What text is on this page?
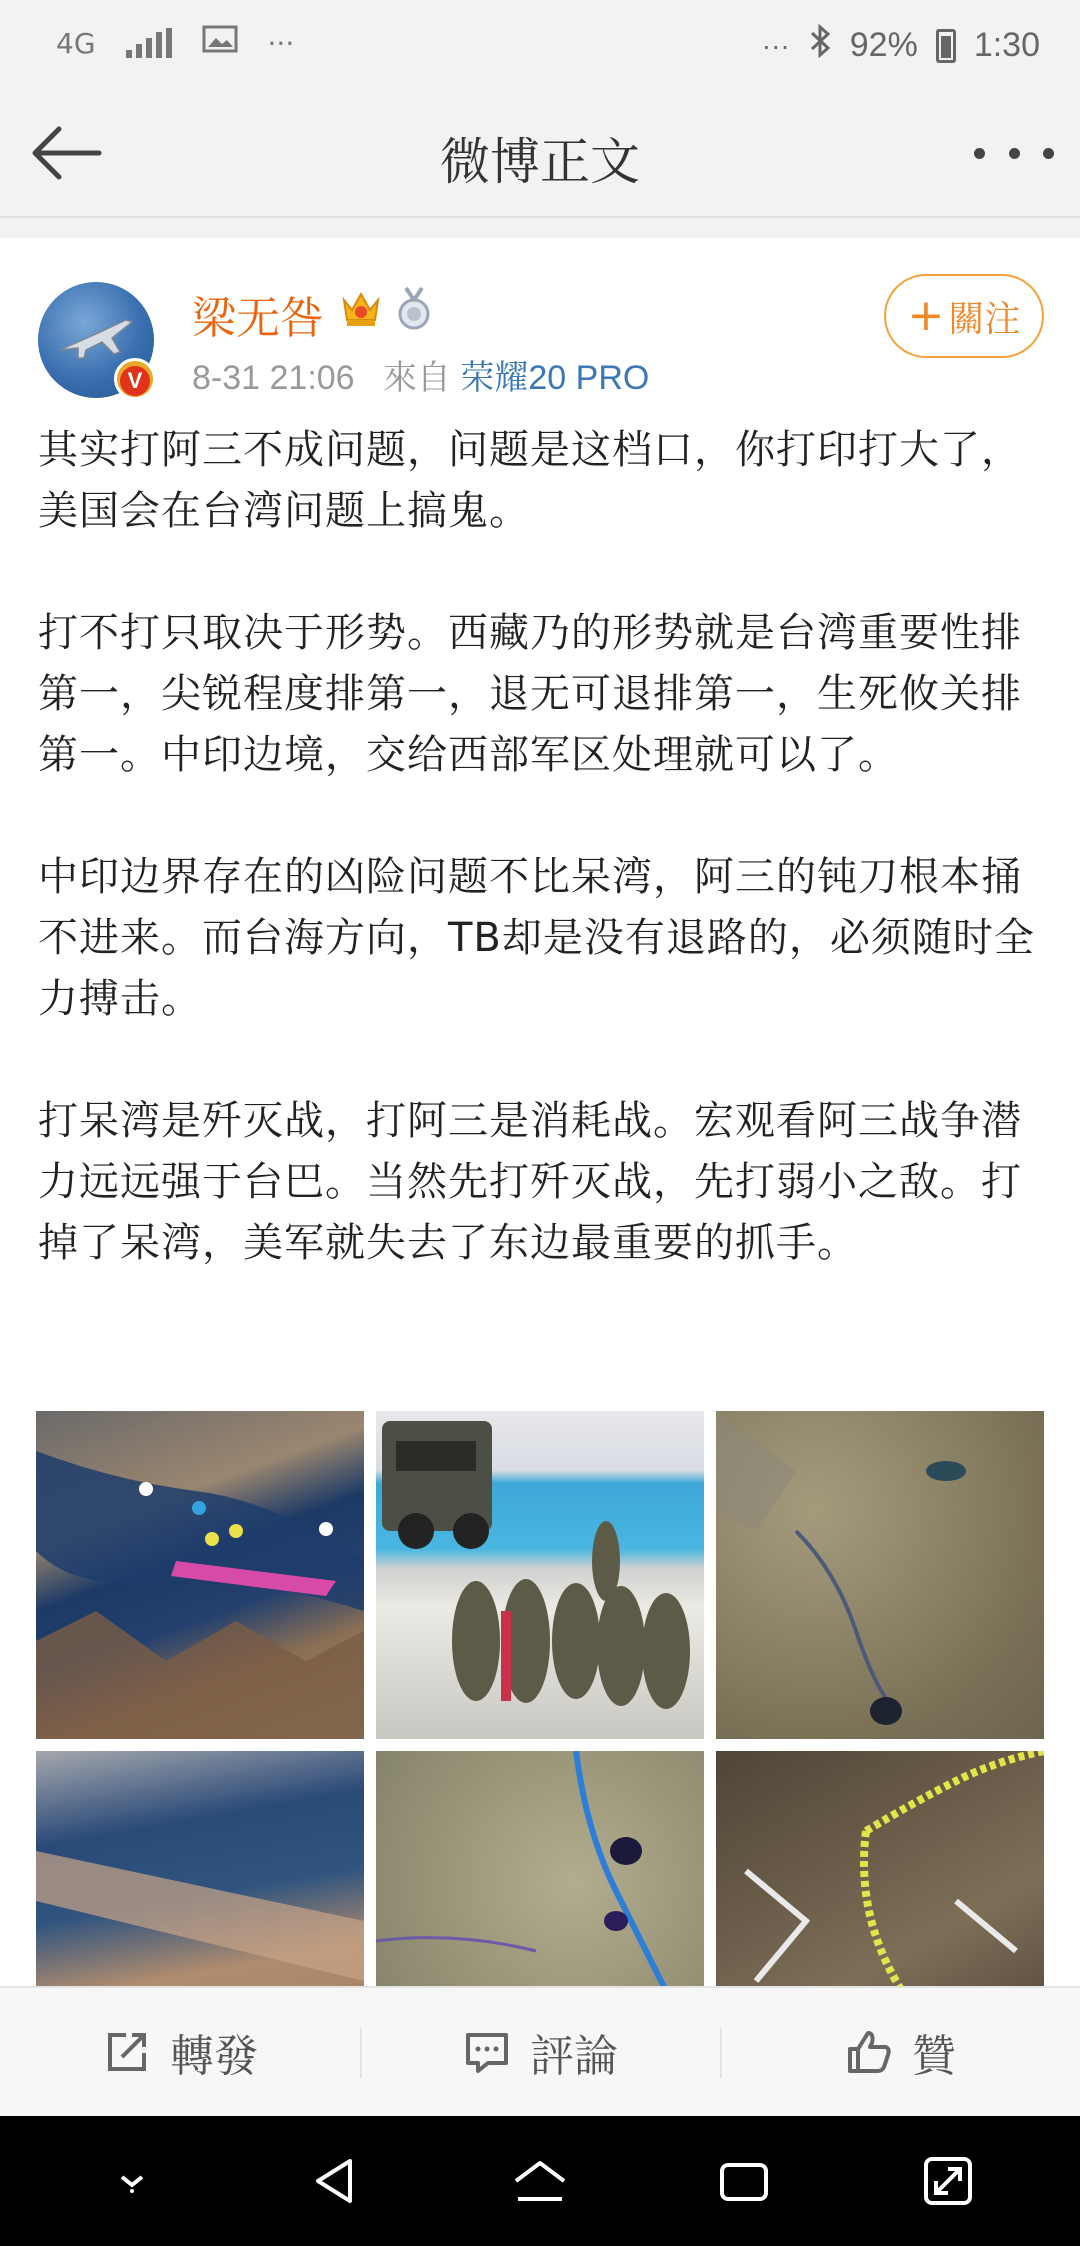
4G	···	··· 92% 1:30
微博正文
V
梁无咎
8-31 21:06 來自 荣耀20 PRO
+ 關注

其实打阿三不成问题，问题是这档口，你打印打大了，美国会在台湾问题上搞鬼。

打不打只取决于形势。西藏乃的形势就是台湾重要性排第一，尖锐程度排第一，退无可退排第一，生死攸关排第一。中印边境，交给西部军区处理就可以了。

中印边界存在的凶险问题不比呆湾，阿三的钝刀根本捅不进来。而台海方向，TB却是没有退路的，必须随时全力搏击。

打呆湾是歼灭战，打阿三是消耗战。宏观看阿三战争潜力远远强于台巴。当然先打歼灭战，先打弱小之敌。打掉了呆湾，美军就失去了东边最重要的抓手。

轉發	評論	贊
